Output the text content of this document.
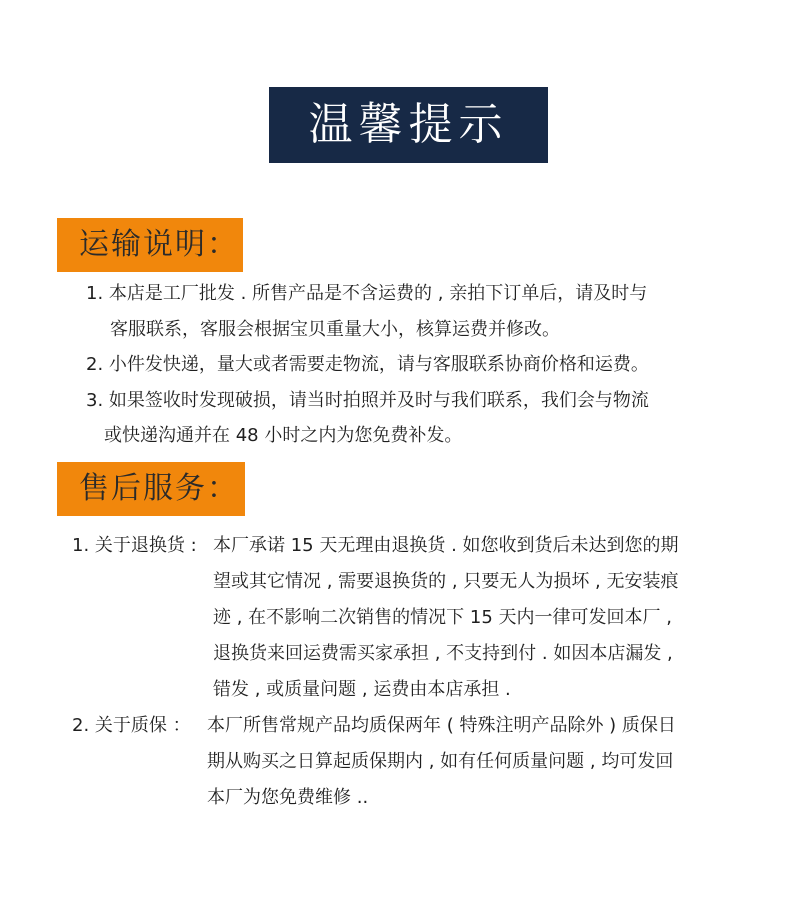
温馨提示
运输说明：
1. 本店是工厂批发 . 所售产品是不含运费的 , 亲拍下订单后，请及时与
客服联系，客服会根据宝贝重量大小，核算运费并修改。
2. 小件发快递，量大或者需要走物流，请与客服联系协商价格和运费。
3. 如果签收时发现破损，请当时拍照并及时与我们联系，我们会与物流
或快递沟通并在 48 小时之内为您免费补发。
售后服务：
1. 关于退换货 : 本厂承诺 15 天无理由退换货 . 如您收到货后未达到您的期
望或其它情况 , 需要退换货的 , 只要无人为损坏 , 无安装痕
迹 , 在不影响二次销售的情况下 15 天内一律可发回本厂 ,
退换货来回运费需买家承担 , 不支持到付 . 如因本店漏发 ,
错发 , 或质量问题 , 运费由本店承担 .
2. 关于质保 ： 本厂所售常规产品均质保两年 ( 特殊注明产品除外 ) 质保日
期从购买之日算起质保期内 , 如有任何质量问题 , 均可发回
本厂为您免费维修 ..
